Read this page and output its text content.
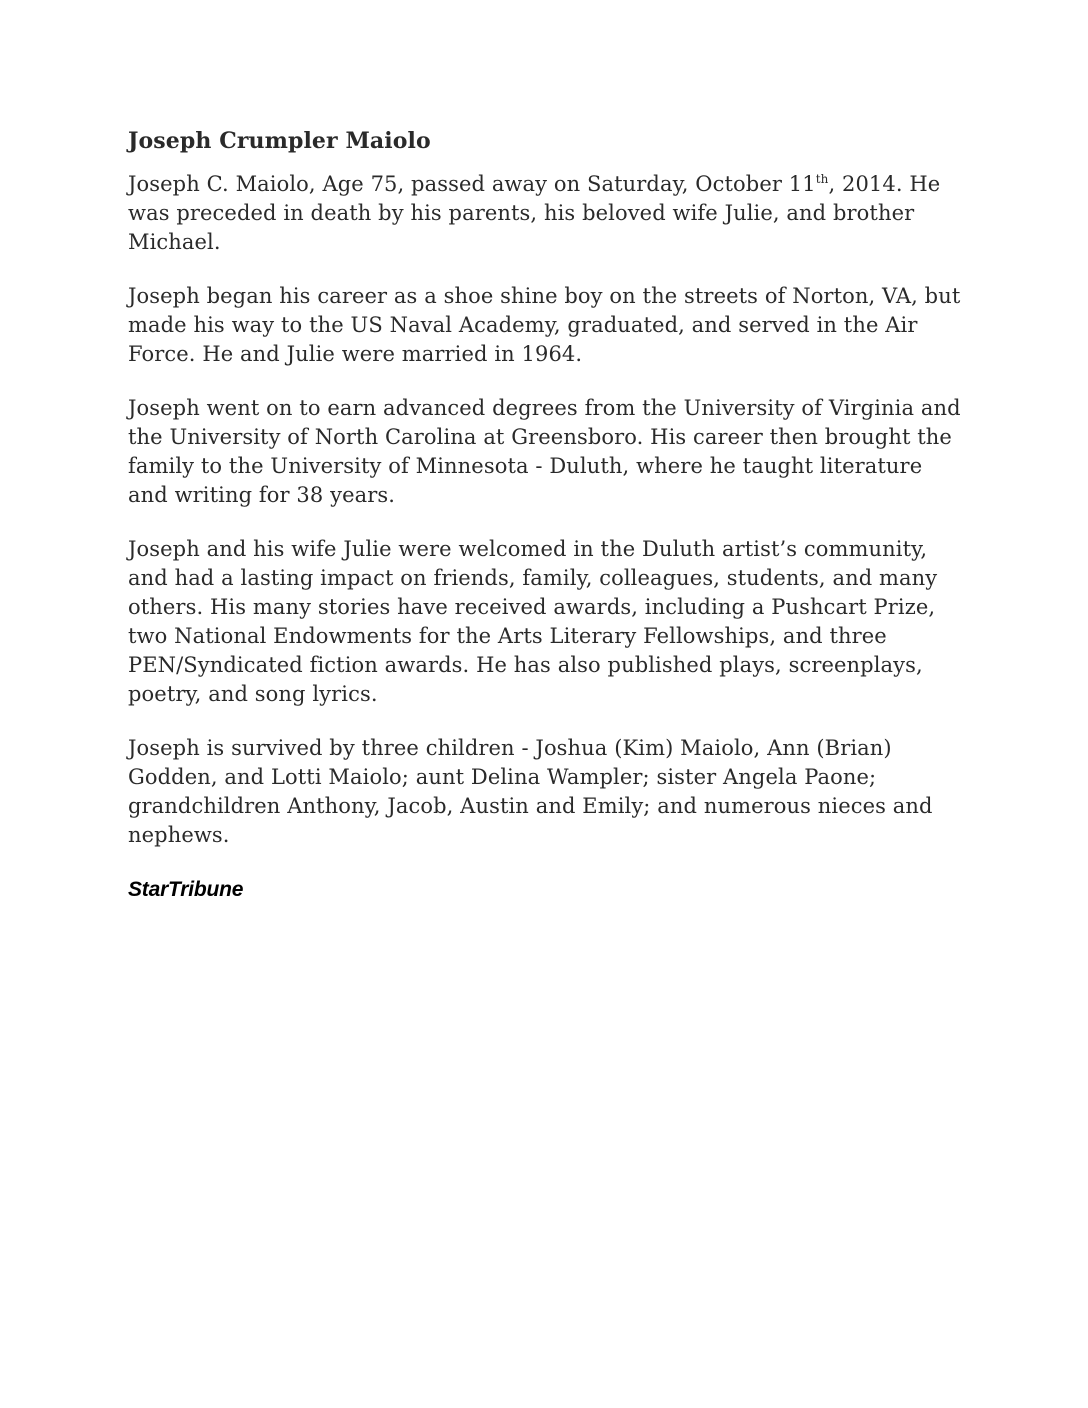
Joseph Crumpler Maiolo

Joseph C. Maiolo, Age 75, passed away on Saturday, October 11th, 2014. He was preceded in death by his parents, his beloved wife Julie, and brother Michael.

Joseph began his career as a shoe shine boy on the streets of Norton, VA, but made his way to the US Naval Academy, graduated, and served in the Air Force. He and Julie were married in 1964.

Joseph went on to earn advanced degrees from the University of Virginia and the University of North Carolina at Greensboro. His career then brought the family to the University of Minnesota - Duluth, where he taught literature and writing for 38 years.

Joseph and his wife Julie were welcomed in the Duluth artist’s community, and had a lasting impact on friends, family, colleagues, students, and many others. His many stories have received awards, including a Pushcart Prize, two National Endowments for the Arts Literary Fellowships, and three PEN/Syndicated fiction awards. He has also published plays, screenplays, poetry, and song lyrics.

Joseph is survived by three children - Joshua (Kim) Maiolo, Ann (Brian) Godden, and Lotti Maiolo; aunt Delina Wampler; sister Angela Paone; grandchildren Anthony, Jacob, Austin and Emily; and numerous nieces and nephews.

StarTribune
